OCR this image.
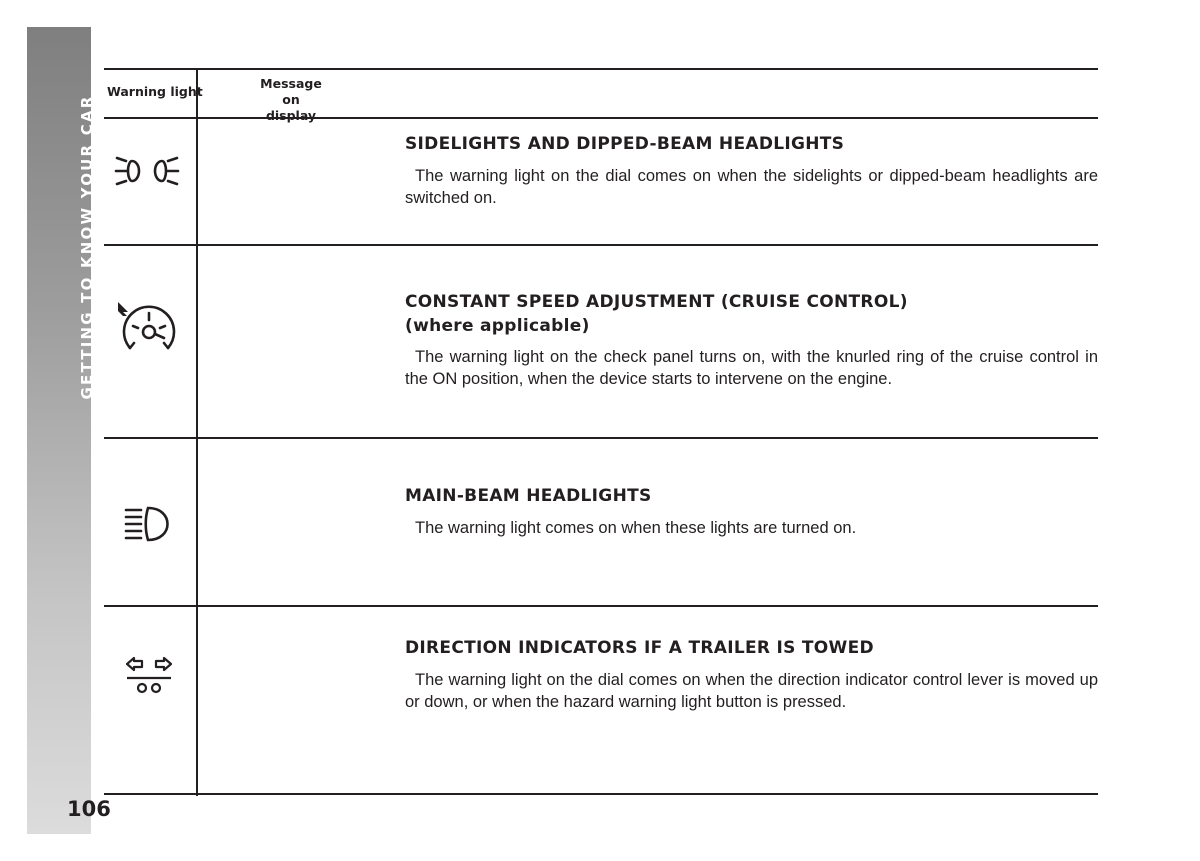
GETTING TO KNOW YOUR CAR
106
Warning light
Message
on display
SIDELIGHTS AND DIPPED-BEAM HEADLIGHTS
The warning light on the dial comes on when the sidelights or dipped-beam headlights are switched on.
CONSTANT SPEED ADJUSTMENT (CRUISE CONTROL)
(where applicable)
The warning light on the check panel turns on, with the knurled ring of the cruise control in the ON position, when the device starts to intervene on the engine.
MAIN-BEAM HEADLIGHTS
The warning light comes on when these lights are turned on.
DIRECTION INDICATORS IF A TRAILER IS TOWED
The warning light on the dial comes on when the direction indicator control lever is moved up or down, or when the hazard warning light button is pressed.
